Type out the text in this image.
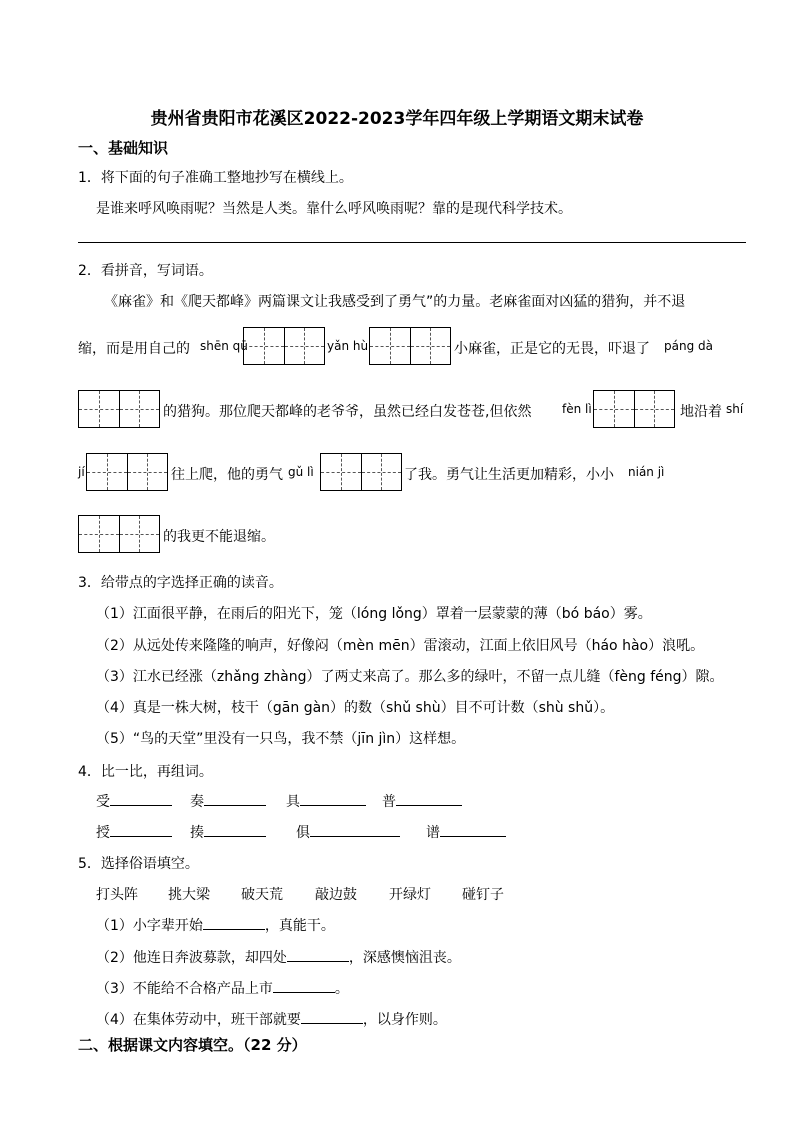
贵州省贵阳市花溪区2022-2023学年四年级上学期语文期末试卷
一、基础知识
1．将下面的句子准确工整地抄写在横线上。
是谁来呼风唤雨呢？当然是人类。靠什么呼风唤雨呢？靠的是现代科学技术。
2．看拼音，写词语。
《麻雀》和《爬天都峰》两篇课文让我感受到了勇气”的力量。老麻雀面对凶猛的猎狗，并不退
缩，而是用自己的 shēn qū	yǎn hù	小麻雀，正是它的无畏，吓退了 páng dà
的猎狗。那位爬天都峰的老爷爷，虽然已经白发苍苍,但依然	fèn lì	地沿着 shí
jí	往上爬，他的勇气 gǔ lì	了我。勇气让生活更加精彩，小小 nián jì
的我更不能退缩。
3．给带点的字选择正确的读音。
（1）江面很平静，在雨后的阳光下，笼（lóng lǒng）罩着一层蒙蒙的薄（bó báo）雾。
（2）从远处传来隆隆的响声，好像闷（mèn mēn）雷滚动，江面上依旧风号（háo hào）浪吼。
（3）江水已经涨（zhǎng zhàng）了两丈来高了。那么多的绿叶，不留一点儿缝（fèng féng）隙。
（4）真是一株大树，枝干（gān gàn）的数（shǔ shù）目不可计数（shù shǔ）。
（5）“鸟的天堂”里没有一只鸟，我不禁（jīn jìn）这样想。
4．比一比，再组词。
受	奏	具	普
授	揍	俱	谱
5．选择俗语填空。
打头阵 挑大梁 破天荒 敲边鼓 开绿灯 碰钉子
（1）小字辈开始	，真能干。
（2）他连日奔波募款，却四处	，深感懊恼沮丧。
（3）不能给不合格产品上市	。
（4）在集体劳动中，班干部就要	，以身作则。
二、根据课文内容填空。（22 分）
